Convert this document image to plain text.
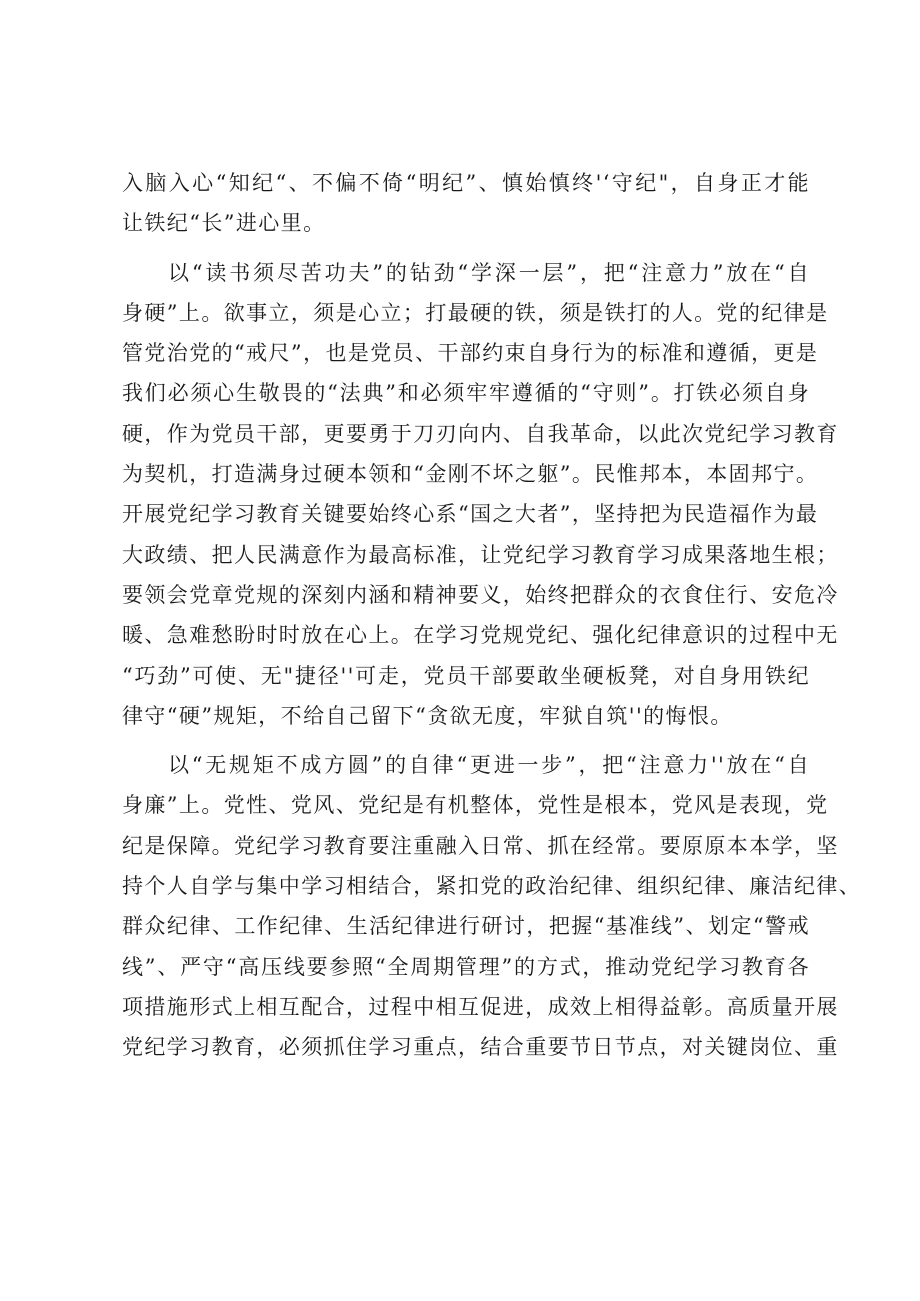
入脑入心“知纪“、不偏不倚“明纪”、慎始慎终'‘守纪"，自身正才能
让铁纪“长”进心里。
以“读书须尽苦功夫”的钻劲“学深一层”，把“注意力”放在“自
身硬”上。欲事立，须是心立；打最硬的铁，须是铁打的人。党的纪律是
管党治党的“戒尺”，也是党员、干部约束自身行为的标准和遵循，更是
我们必须心生敬畏的“法典”和必须牢牢遵循的“守则”。打铁必须自身
硬，作为党员干部，更要勇于刀刃向内、自我革命，以此次党纪学习教育
为契机，打造满身过硬本领和“金刚不坏之躯”。民惟邦本，本固邦宁。
开展党纪学习教育关键要始终心系“国之大者”，坚持把为民造福作为最
大政绩、把人民满意作为最高标准，让党纪学习教育学习成果落地生根；
要领会党章党规的深刻内涵和精神要义，始终把群众的衣食住行、安危冷
暖、急难愁盼时时放在心上。在学习党规党纪、强化纪律意识的过程中无
“巧劲”可使、无"捷径''可走，党员干部要敢坐硬板凳，对自身用铁纪
律守“硬”规矩，不给自己留下“贪欲无度，牢狱自筑''的悔恨。
以“无规矩不成方圆”的自律“更进一步”，把“注意力''放在“自
身廉”上。党性、党风、党纪是有机整体，党性是根本，党风是表现，党
纪是保障。党纪学习教育要注重融入日常、抓在经常。要原原本本学，坚
持个人自学与集中学习相结合，紧扣党的政治纪律、组织纪律、廉洁纪律、
群众纪律、工作纪律、生活纪律进行研讨，把握“基准线”、划定“警戒
线”、严守“高压线要参照“全周期管理”的方式，推动党纪学习教育各
项措施形式上相互配合，过程中相互促进，成效上相得益彰。高质量开展
党纪学习教育，必须抓住学习重点，结合重要节日节点，对关键岗位、重
